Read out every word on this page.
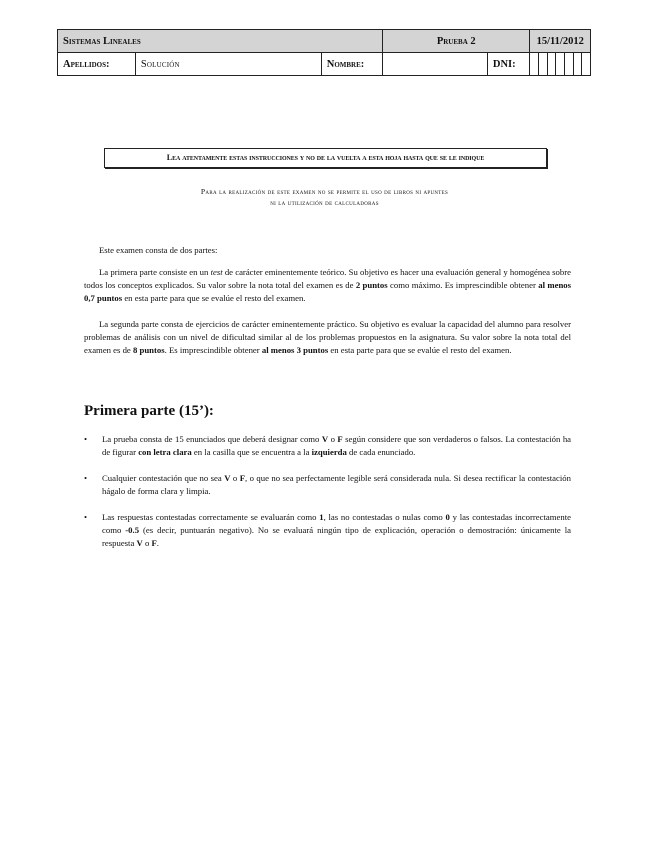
Sistemas Lineales			Prueba 2		15/11/2012						
Apellidos:	Solución	Nombre:		DNI:							
Lea atentamente estas instrucciones y no de la vuelta a esta hoja hasta que se le indique
Para la realización de este examen no se permite el uso de libros ni apuntes
ni la utilización de calculadoras

Este examen consta de dos partes:

La primera parte consiste en un test de carácter eminentemente teórico. Su objetivo es hacer una evaluación general y homogénea sobre todos los conceptos explicados. Su valor sobre la nota total del examen es de 2 puntos como máximo. Es imprescindible obtener al menos 0,7 puntos en esta parte para que se evalúe el resto del examen.

La segunda parte consta de ejercicios de carácter eminentemente práctico. Su objetivo es evaluar la capacidad del alumno para resolver problemas de análisis con un nivel de dificultad similar al de los problemas propuestos en la asignatura. Su valor sobre la nota total del examen es de 8 puntos. Es imprescindible obtener al menos 3 puntos en esta parte para que se evalúe el resto del examen.

Primera parte (15’):
• La prueba consta de 15 enunciados que deberá designar como V o F según considere que son verdaderos o falsos. La contestación ha de figurar con letra clara en la casilla que se encuentra a la izquierda de cada enunciado.
• Cualquier contestación que no sea V o F, o que no sea perfectamente legible será considerada nula. Si desea rectificar la contestación hágalo de forma clara y limpia.
• Las respuestas contestadas correctamente se evaluarán como 1, las no contestadas o nulas como 0 y las contestadas incorrectamente como -0.5 (es decir, puntuarán negativo). No se evaluará ningún tipo de explicación, operación o demostración: únicamente la respuesta V o F.
